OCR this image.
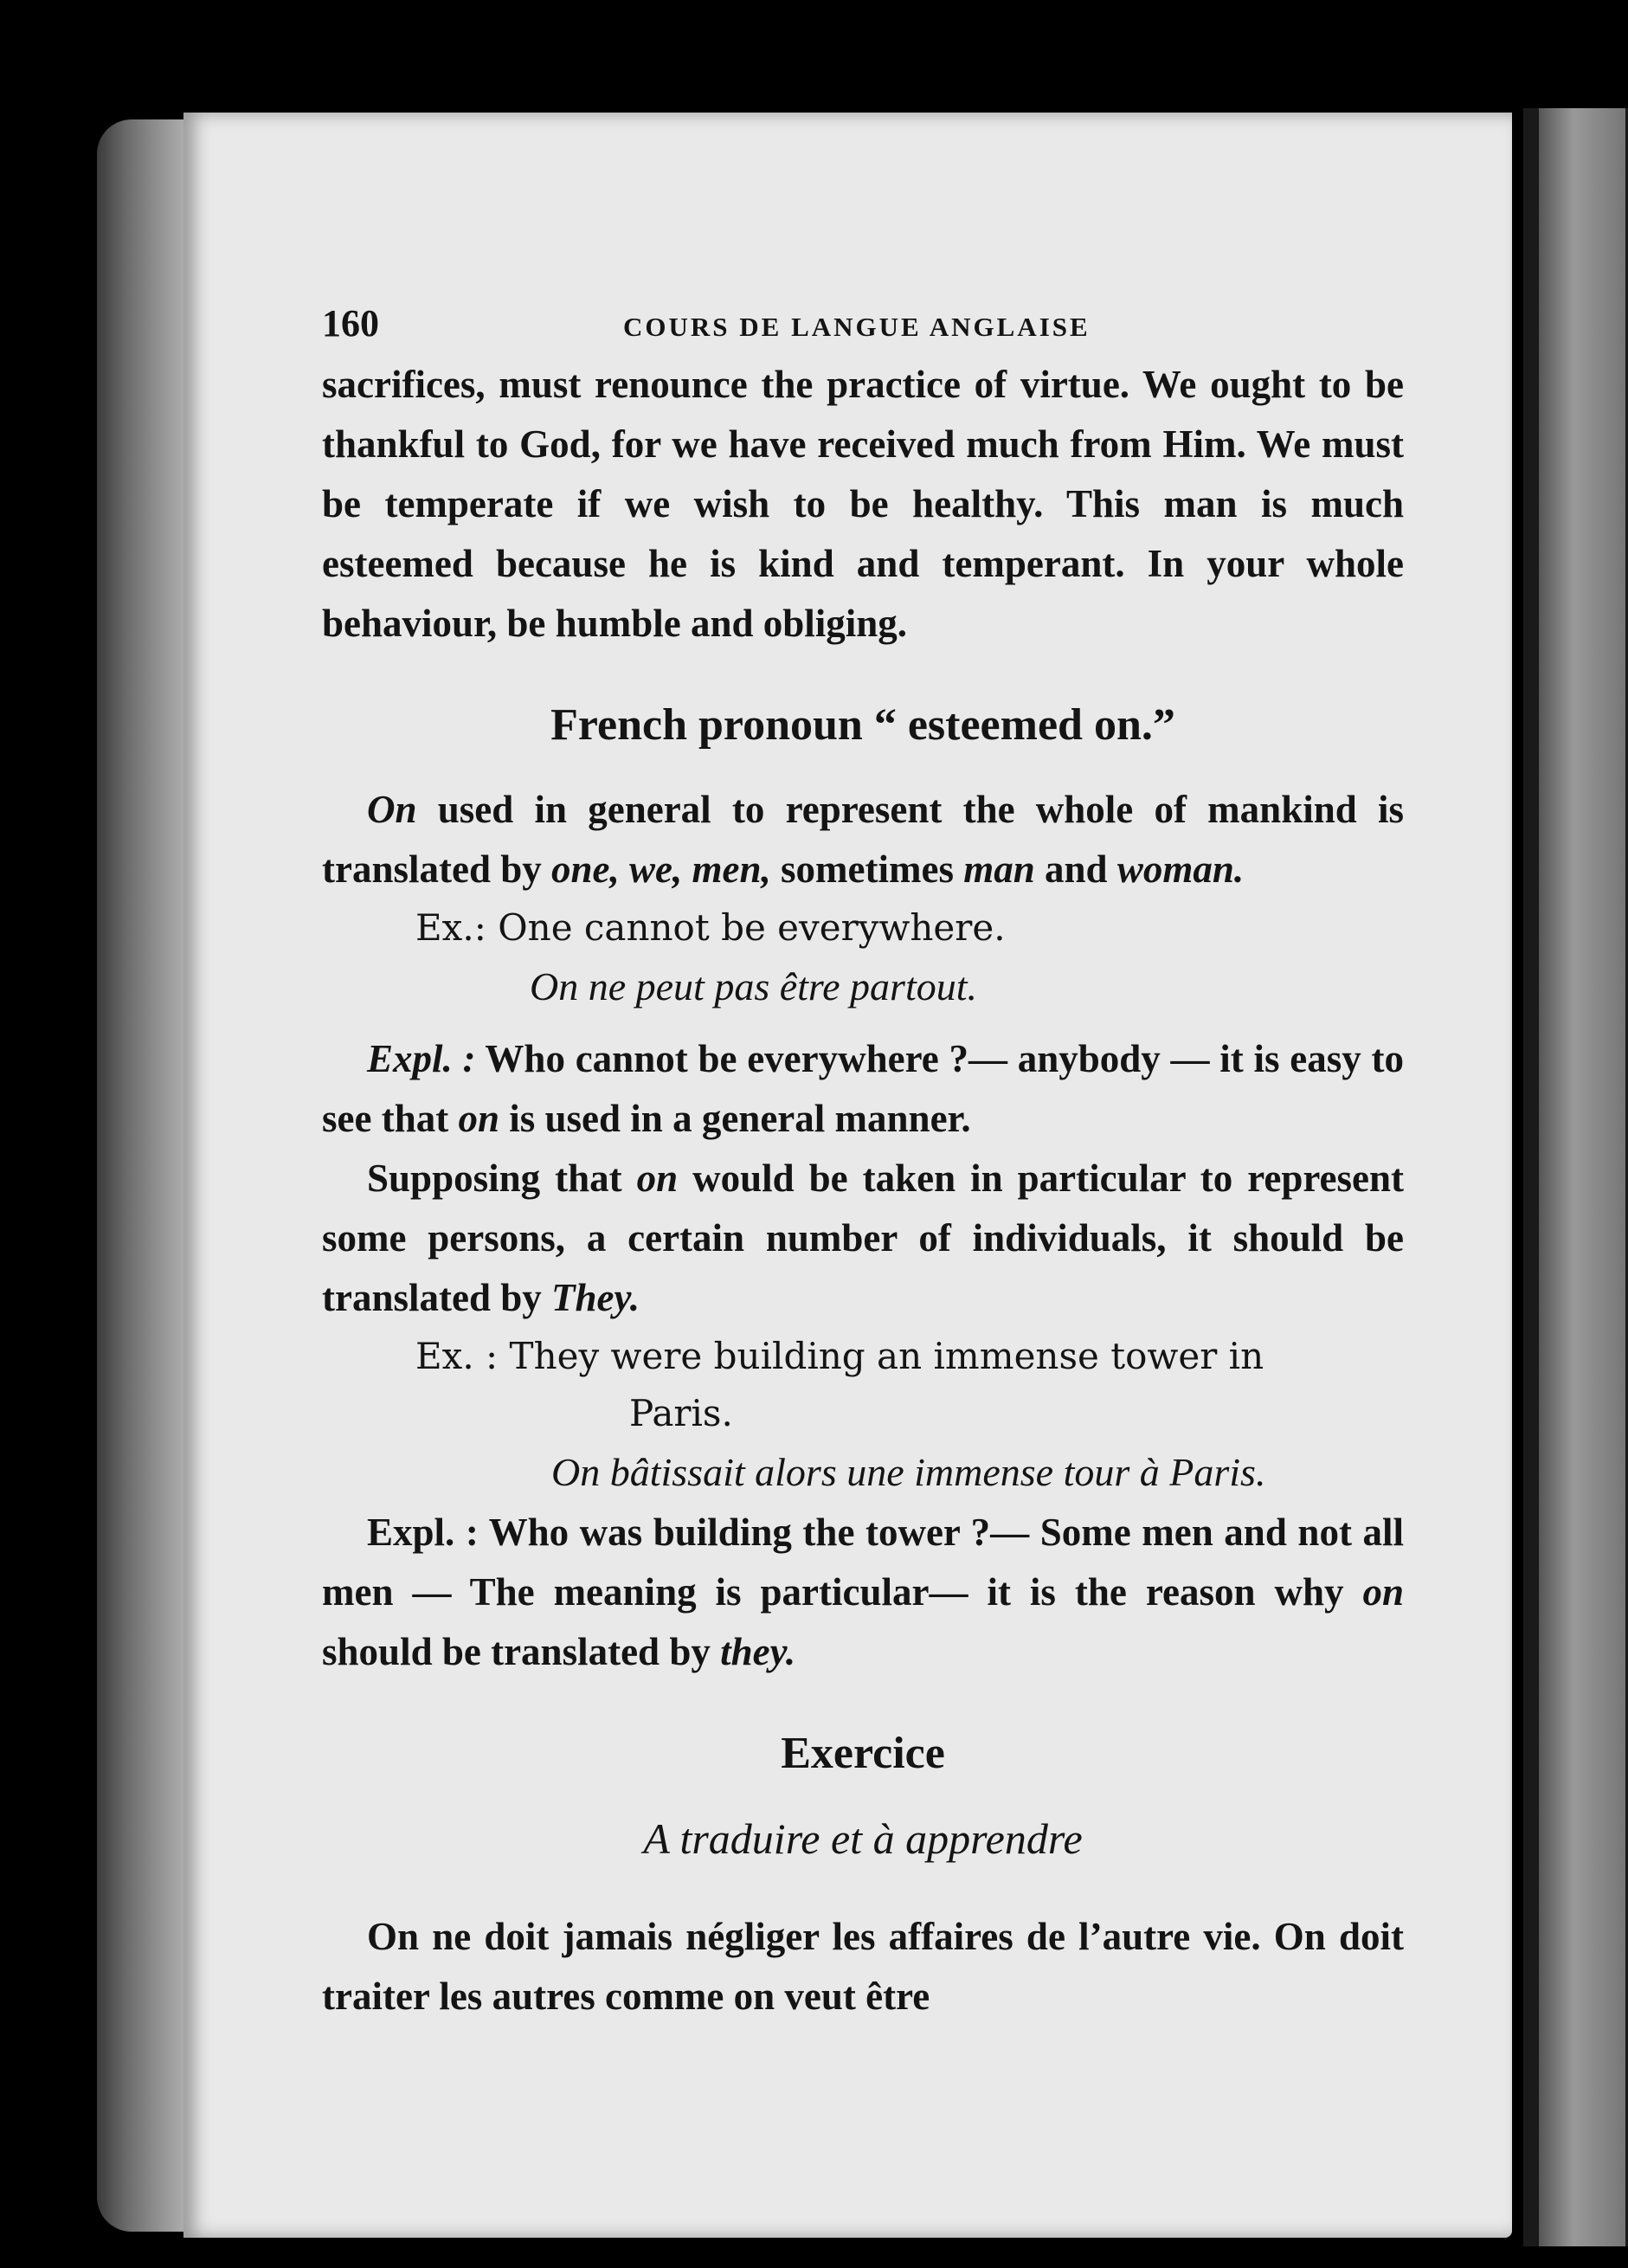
160	COURS DE LANGUE ANGLAISE

sacrifices, must renounce the practice of virtue. We ought to be thankful to God, for we have received much from Him. We must be temperate if we wish to be healthy. This man is much esteemed because he is kind and temperant. In your whole behaviour, be humble and obliging.

French pronoun “ esteemed on.”

On used in general to represent the whole of mankind is translated by one, we, men, sometimes man and woman.

Ex.: One cannot be everywhere.
On ne peut pas être partout.

Expl. : Who cannot be everywhere ?— anybody — it is easy to see that on is used in a general manner.

Supposing that on would be taken in particular to represent some persons, a certain number of individuals, it should be translated by They.

Ex. : They were building an immense tower in
Paris.
On bâtissait alors une immense tour à Paris.

Expl. : Who was building the tower ?— Some men and not all men — The meaning is particular— it is the reason why on should be translated by they.

Exercice
A traduire et à apprendre

On ne doit jamais négliger les affaires de l’autre vie. On doit traiter les autres comme on veut être
